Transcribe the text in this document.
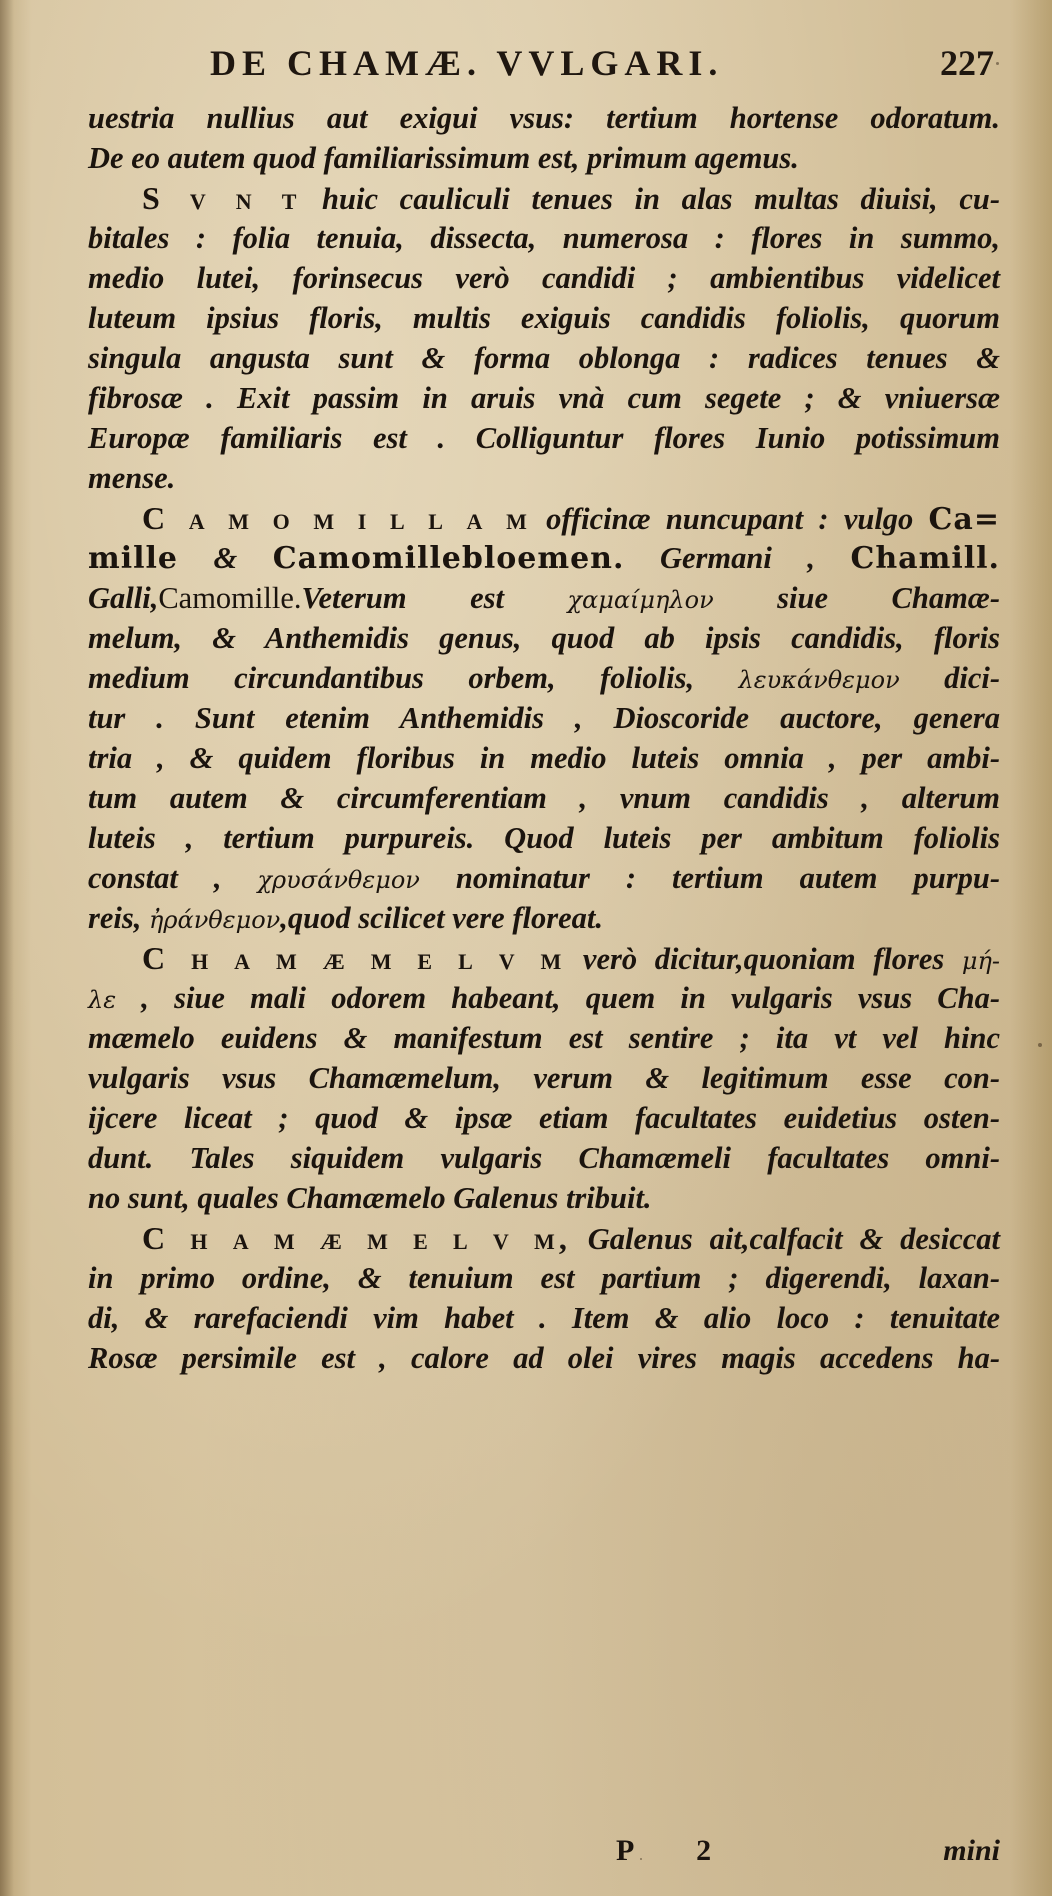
DE CHAMÆ. VVLGARI.	227
uestria nullius aut exigui vsus: tertium hortense odoratum.
De eo autem quod familiarissimum est, primum agemus.
S v n t huic cauliculi tenues in alas multas diuisi, cu-
bitales : folia tenuia, dissecta, numerosa : flores in summo,
medio lutei, forinsecus verò candidi ; ambientibus videlicet
luteum ipsius floris, multis exiguis candidis foliolis, quorum
singula angusta sunt & forma oblonga : radices tenues &
fibrosæ . Exit passim in aruis vnà cum segete ; & vniuersæ
Europæ familiaris est . Colliguntur flores Iunio potissimum
mense.
C a m o m i l l a m officinæ nuncupant : vulgo Ca=
mille & Camomillebloemen. Germani , Chamill.
Galli,Camomille.Veterum est χαμαίμηλον siue Chamæ-
melum, & Anthemidis genus, quod ab ipsis candidis, floris
medium circundantibus orbem, foliolis, λευκάνθεμον dici-
tur . Sunt etenim Anthemidis , Dioscoride auctore, genera
tria , & quidem floribus in medio luteis omnia , per ambi-
tum autem & circumferentiam , vnum candidis , alterum
luteis , tertium purpureis. Quod luteis per ambitum foliolis
constat , χρυσάνθεμον nominatur : tertium autem purpu-
reis, ἠράνθεμον,quod scilicet vere floreat.
C h a m æ m e l v m verò dicitur,quoniam flores μή-
λε , siue mali odorem habeant, quem in vulgaris vsus Cha-
mæmelo euidens & manifestum est sentire ; ita vt vel hinc
vulgaris vsus Chamæmelum, verum & legitimum esse con-
ijcere liceat ; quod & ipsæ etiam facultates euidetius osten-
dunt. Tales siquidem vulgaris Chamæmeli facultates omni-
no sunt, quales Chamæmelo Galenus tribuit.
C h a m æ m e l v m, Galenus ait,calfacit & desiccat
in primo ordine, & tenuium est partium ; digerendi, laxan-
di, & rarefaciendi vim habet . Item & alio loco : tenuitate
Rosæ persimile est , calore ad olei vires magis accedens ha-
P 2	mini
